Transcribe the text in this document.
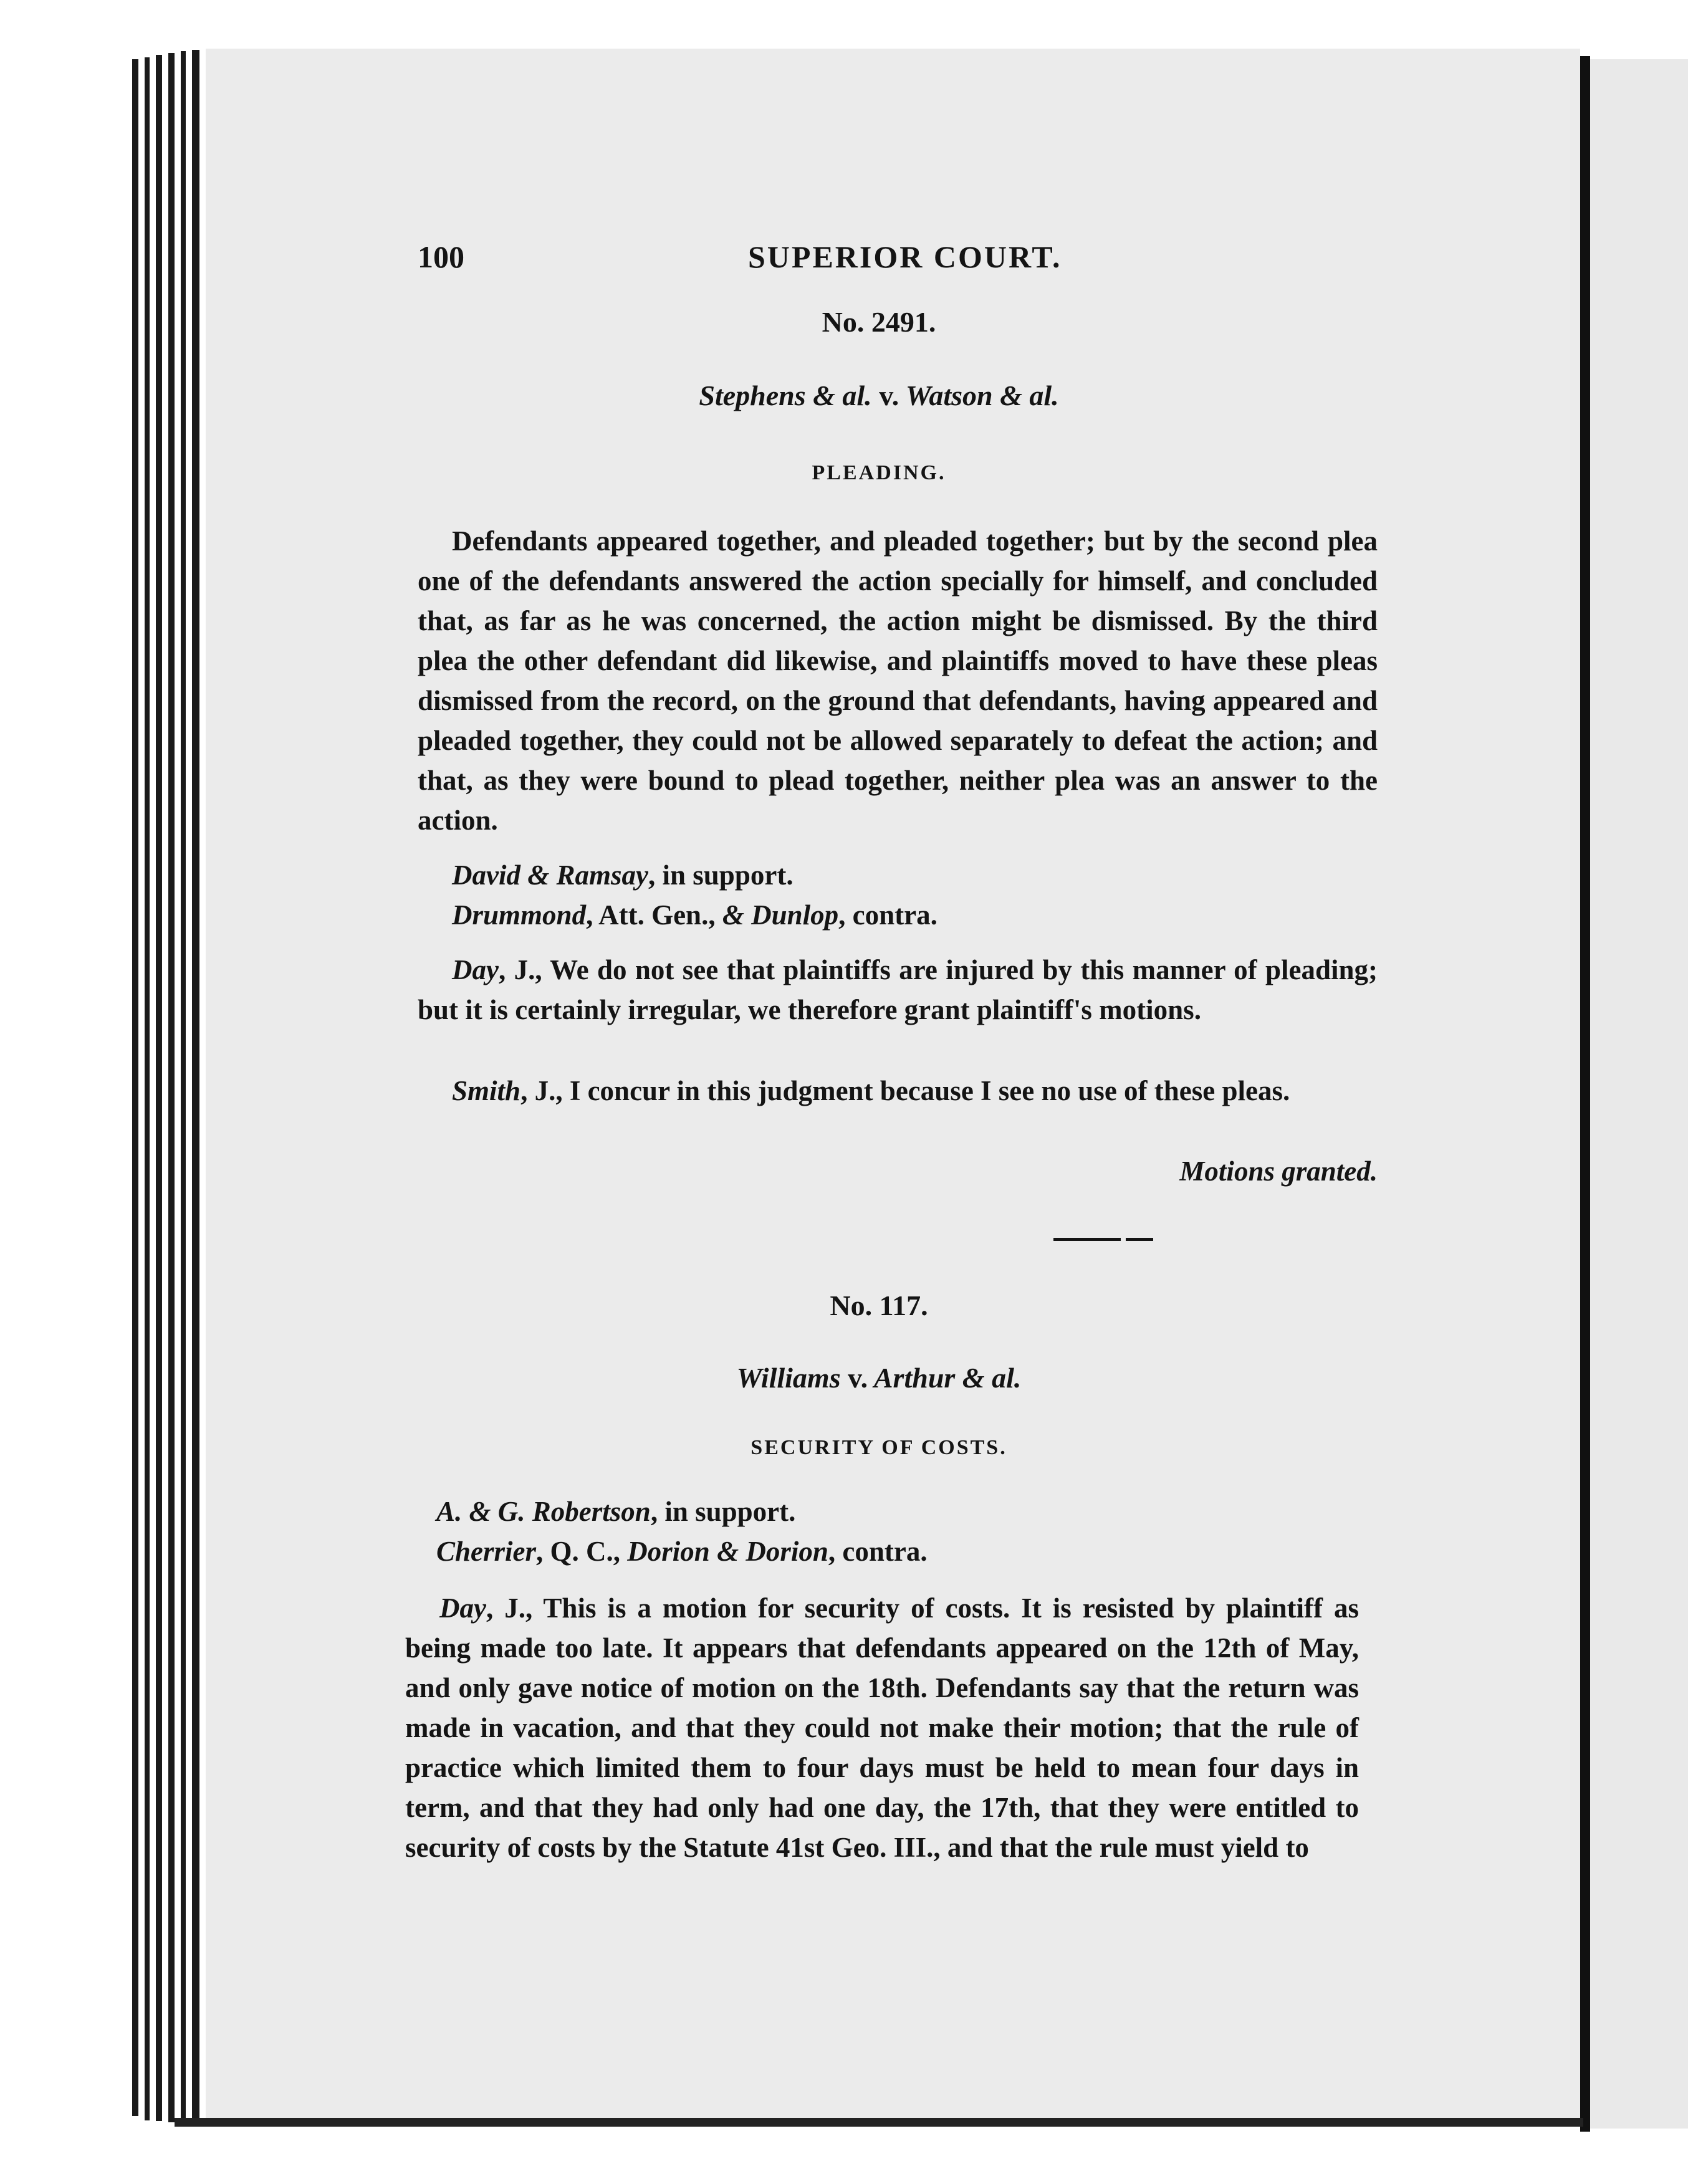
100	SUPERIOR COURT.
No. 2491.
Stephens & al. v. Watson & al.
PLEADING.

Defendants appeared together, and pleaded together; but by the second plea one of the defendants answered the action specially for himself, and concluded that, as far as he was concerned, the action might be dismissed. By the third plea the other defendant did likewise, and plaintiffs moved to have these pleas dismissed from the record, on the ground that defendants, having appeared and pleaded together, they could not be allowed separately to defeat the action; and that, as they were bound to plead together, neither plea was an answer to the action.

David & Ramsay, in support.
Drummond, Att. Gen., & Dunlop, contra.

Day, J., We do not see that plaintiffs are injured by this manner of pleading; but it is certainly irregular, we therefore grant plaintiff's motions.

Smith, J., I concur in this judgment because I see no use of these pleas.

Motions granted.
No. 117.
Williams v. Arthur & al.
SECURITY OF COSTS.
A. & G. Robertson, in support.
Cherrier, Q. C., Dorion & Dorion, contra.

Day, J., This is a motion for security of costs. It is resisted by plaintiff as being made too late. It appears that defendants appeared on the 12th of May, and only gave notice of motion on the 18th. Defendants say that the return was made in vacation, and that they could not make their motion; that the rule of practice which limited them to four days must be held to mean four days in term, and that they had only had one day, the 17th, that they were entitled to security of costs by the Statute 41st Geo. III., and that the rule must yield to
